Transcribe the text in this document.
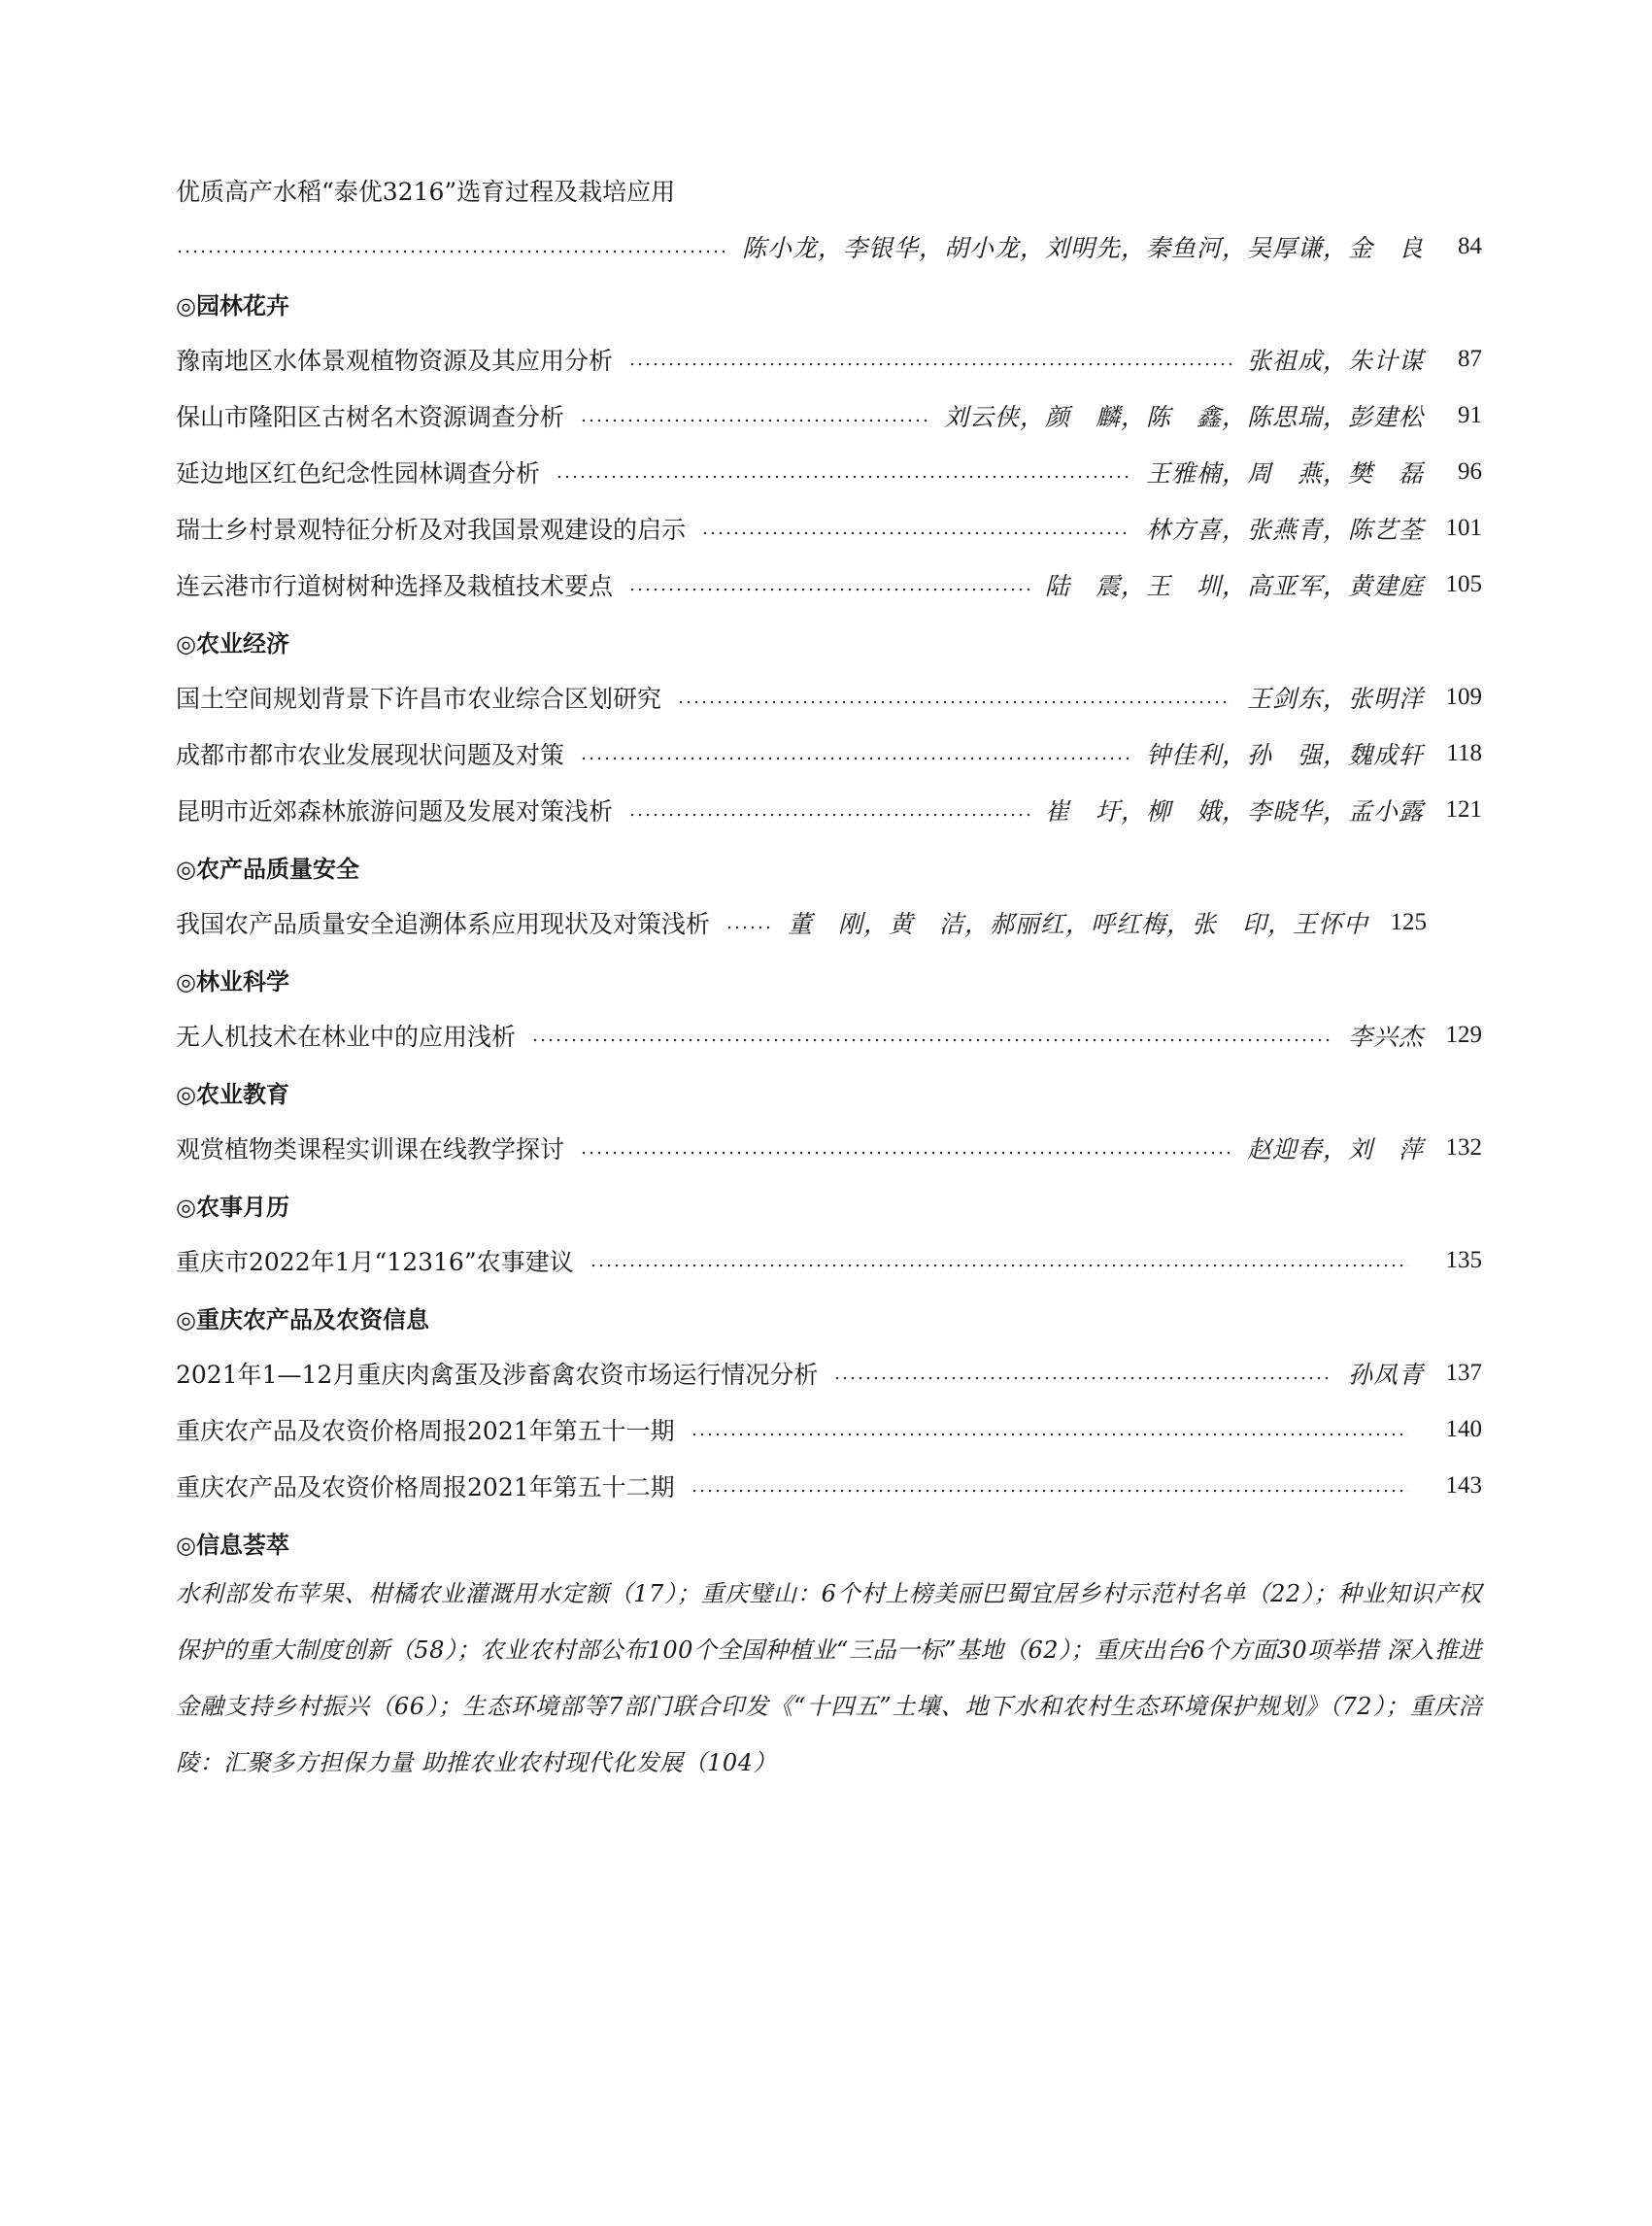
优质高产水稻“泰优3216”选育过程及栽培应用
陈小龙，李银华，胡小龙，刘明先，秦鱼河，吴厚谦，金　良	84
◎园林花卉
豫南地区水体景观植物资源及其应用分析	张祖成，朱计谋	87
保山市隆阳区古树名木资源调查分析	刘云侠，颜　麟，陈　鑫，陈思瑞，彭建松	91
延边地区红色纪念性园林调查分析	王雅楠，周　燕，樊　磊	96
瑞士乡村景观特征分析及对我国景观建设的启示	林方喜，张燕青，陈艺荃 101
连云港市行道树树种选择及栽植技术要点	陆　震，王　圳，高亚军，黄建庭 105
◎农业经济
国土空间规划背景下许昌市农业综合区划研究	王剑东，张明洋 109
成都市都市农业发展现状问题及对策	钟佳利，孙　强，魏成轩 118
昆明市近郊森林旅游问题及发展对策浅析	崔　圩，柳　娥，李晓华，孟小露 121
◎农产品质量安全
我国农产品质量安全追溯体系应用现状及对策浅析	董　刚，黄　洁，郝丽红，呼红梅，张　印，王怀中 125
◎林业科学
无人机技术在林业中的应用浅析	李兴杰 129
◎农业教育
观赏植物类课程实训课在线教学探讨	赵迎春，刘　萍 132
◎农事月历
重庆市2022年1月“12316”农事建议	135
◎重庆农产品及农资信息
2021年1—12月重庆肉禽蛋及涉畜禽农资市场运行情况分析	孙凤青 137
重庆农产品及农资价格周报2021年第五十一期	140
重庆农产品及农资价格周报2021年第五十二期	143
◎信息荟萃
水利部发布苹果、柑橘农业灌溉用水定额（17）；重庆璧山：6个村上榜美丽巴蜀宜居乡村示范村名单（22）；种业知识产权保护的重大制度创新（58）；农业农村部公布100个全国种植业“三品一标”基地（62）；重庆出台6个方面30项举措 深入推进金融支持乡村振兴（66）；生态环境部等7部门联合印发《“十四五”土壤、地下水和农村生态环境保护规划》（72）；重庆涪陵：汇聚多方担保力量 助推农业农村现代化发展（104）
